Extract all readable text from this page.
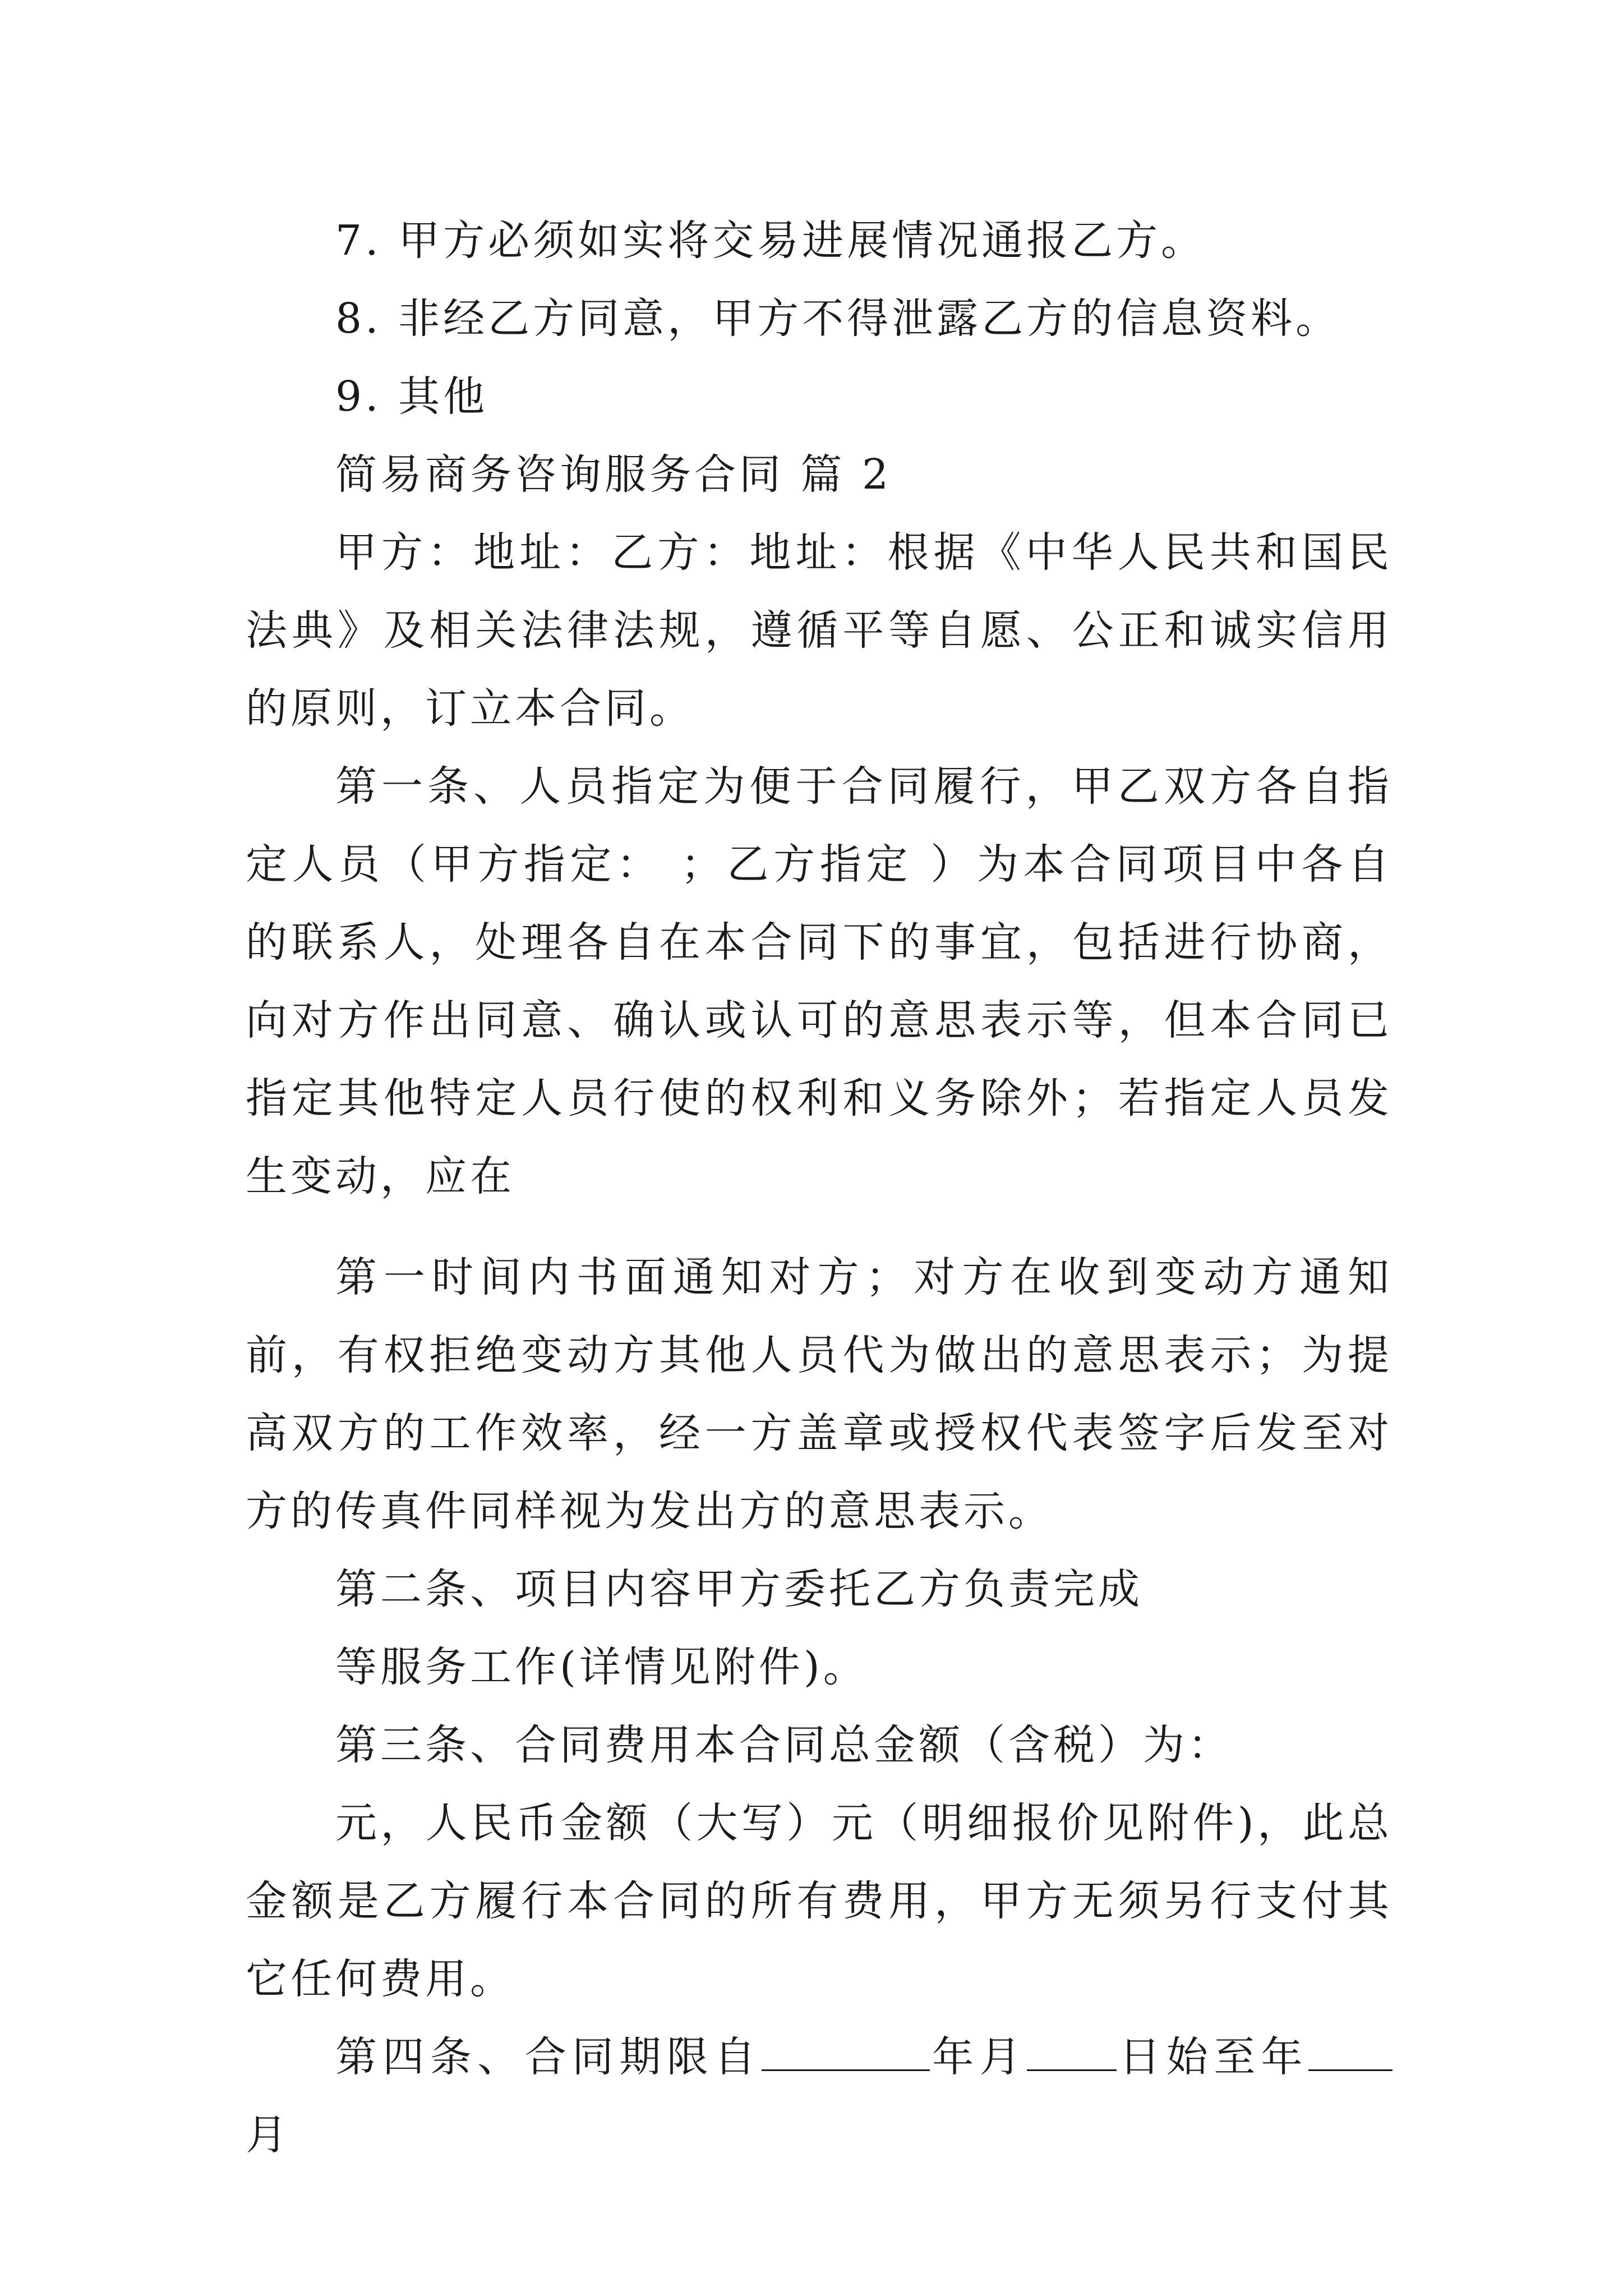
7. 甲方必须如实将交易进展情况通报乙方。

8. 非经乙方同意，甲方不得泄露乙方的信息资料。

9. 其他

简易商务咨询服务合同 篇 2

甲方：地址：乙方：地址：根据《中华人民共和国民法典》及相关法律法规，遵循平等自愿、公正和诚实信用的原则，订立本合同。

第一条、人员指定为便于合同履行，甲乙双方各自指定人员（甲方指定： ；乙方指定 ）为本合同项目中各自的联系人，处理各自在本合同下的事宜，包括进行协商，向对方作出同意、确认或认可的意思表示等，但本合同已指定其他特定人员行使的权利和义务除外；若指定人员发生变动，应在

第一时间内书面通知对方；对方在收到变动方通知前，有权拒绝变动方其他人员代为做出的意思表示；为提高双方的工作效率，经一方盖章或授权代表签字后发至对方的传真件同样视为发出方的意思表示。

第二条、项目内容甲方委托乙方负责完成

等服务工作(详情见附件)。

第三条、合同费用本合同总金额（含税）为：

元，人民币金额（大写）元（明细报价见附件)，此总金额是乙方履行本合同的所有费用，甲方无须另行支付其它任何费用。

第四条、合同期限自	年月 日始至年月
